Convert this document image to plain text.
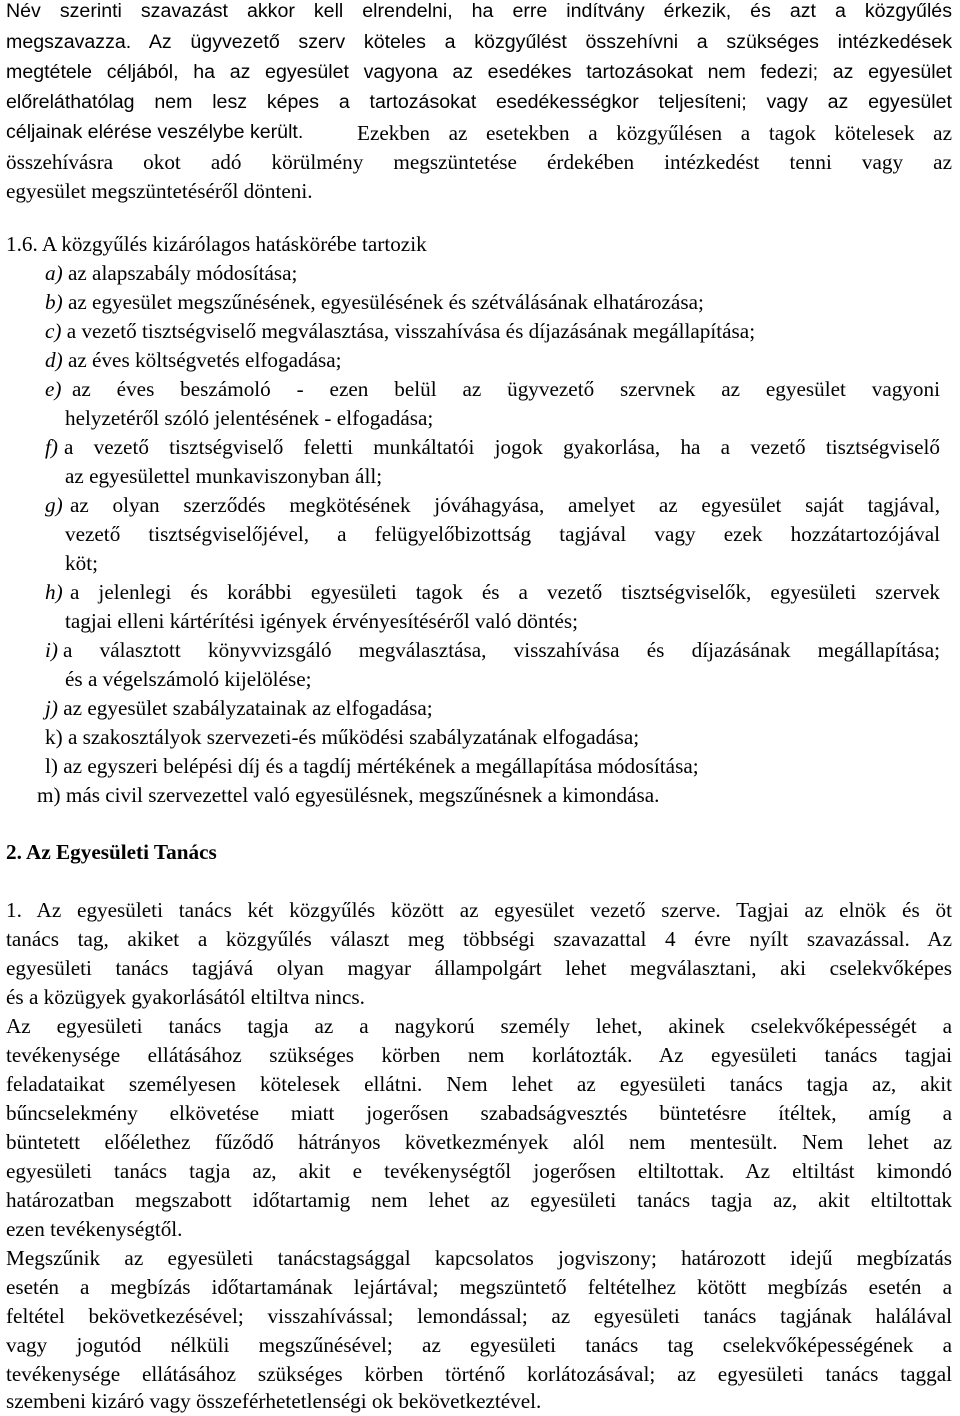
Név szerinti szavazást akkor kell elrendelni, ha erre indítvány érkezik, és azt a közgyűlés
megszavazza. Az ügyvezető szerv köteles a közgyűlést összehívni a szükséges intézkedések
megtétele céljából, ha az egyesület vagyona az esedékes tartozásokat nem fedezi; az egyesület
előreláthatólag nem lesz képes a tartozásokat esedékességkor teljesíteni; vagy az egyesület
céljainak elérése veszélybe került.	Ezekben az esetekben a közgyűlésen a tagok kötelesek az
összehívásra okot adó körülmény megszüntetése érdekében intézkedést tenni vagy az
egyesület megszüntetéséről dönteni.
1.6. A közgyűlés kizárólagos hatáskörébe tartozik
a) az alapszabály módosítása;
b) az egyesület megszűnésének, egyesülésének és szétválásának elhatározása;
c) a vezető tisztségviselő megválasztása, visszahívása és díjazásának megállapítása;
d) az éves költségvetés elfogadása;
e) az éves beszámoló - ezen belül az ügyvezető szervnek az egyesület vagyoni
helyzetéről szóló jelentésének - elfogadása;
f) a vezető tisztségviselő feletti munkáltatói jogok gyakorlása, ha a vezető tisztségviselő
az egyesülettel munkaviszonyban áll;
g) az olyan szerződés megkötésének jóváhagyása, amelyet az egyesület saját tagjával,
vezető tisztségviselőjével, a felügyelőbizottság tagjával vagy ezek hozzátartozójával
köt;
h) a jelenlegi és korábbi egyesületi tagok és a vezető tisztségviselők, egyesületi szervek
tagjai elleni kártérítési igények érvényesítéséről való döntés;
i) a választott könyvvizsgáló megválasztása, visszahívása és díjazásának megállapítása;
és a végelszámoló kijelölése;
j) az egyesület szabályzatainak az elfogadása;
k) a szakosztályok szervezeti-és működési szabályzatának elfogadása;
l) az egyszeri belépési díj és a tagdíj mértékének a megállapítása módosítása;
m) más civil szervezettel való egyesülésnek, megszűnésnek a kimondása.
2. Az Egyesületi Tanács
1. Az egyesületi tanács két közgyűlés között az egyesület vezető szerve. Tagjai az elnök és öt
tanács tag, akiket a közgyűlés választ meg többségi szavazattal 4 évre nyílt szavazással. Az
egyesületi tanács tagjává olyan magyar állampolgárt lehet megválasztani, aki cselekvőképes
és a közügyek gyakorlásától eltiltva nincs.
Az egyesületi tanács tagja az a nagykorú személy lehet, akinek cselekvőképességét a
tevékenysége ellátásához szükséges körben nem korlátozták. Az egyesületi tanács tagjai
feladataikat személyesen kötelesek ellátni. Nem lehet az egyesületi tanács tagja az, akit
bűncselekmény elkövetése miatt jogerősen szabadságvesztés büntetésre ítéltek, amíg a
büntetett előélethez fűződő hátrányos következmények alól nem mentesült. Nem lehet az
egyesületi tanács tagja az, akit e tevékenységtől jogerősen eltiltottak. Az eltiltást kimondó
határozatban megszabott időtartamig nem lehet az egyesületi tanács tagja az, akit eltiltottak
ezen tevékenységtől.
Megszűnik az egyesületi tanácstagsággal kapcsolatos jogviszony; határozott idejű megbízatás
esetén a megbízás időtartamának lejártával; megszüntető feltételhez kötött megbízás esetén a
feltétel bekövetkezésével; visszahívással; lemondással; az egyesületi tanács tagjának halálával
vagy jogutód nélküli megszűnésével; az egyesületi tanács tag cselekvőképességének a
tevékenysége ellátásához szükséges körben történő korlátozásával; az egyesületi tanács taggal
szembeni kizáró vagy összeférhetetlenségi ok bekövetkeztével.
